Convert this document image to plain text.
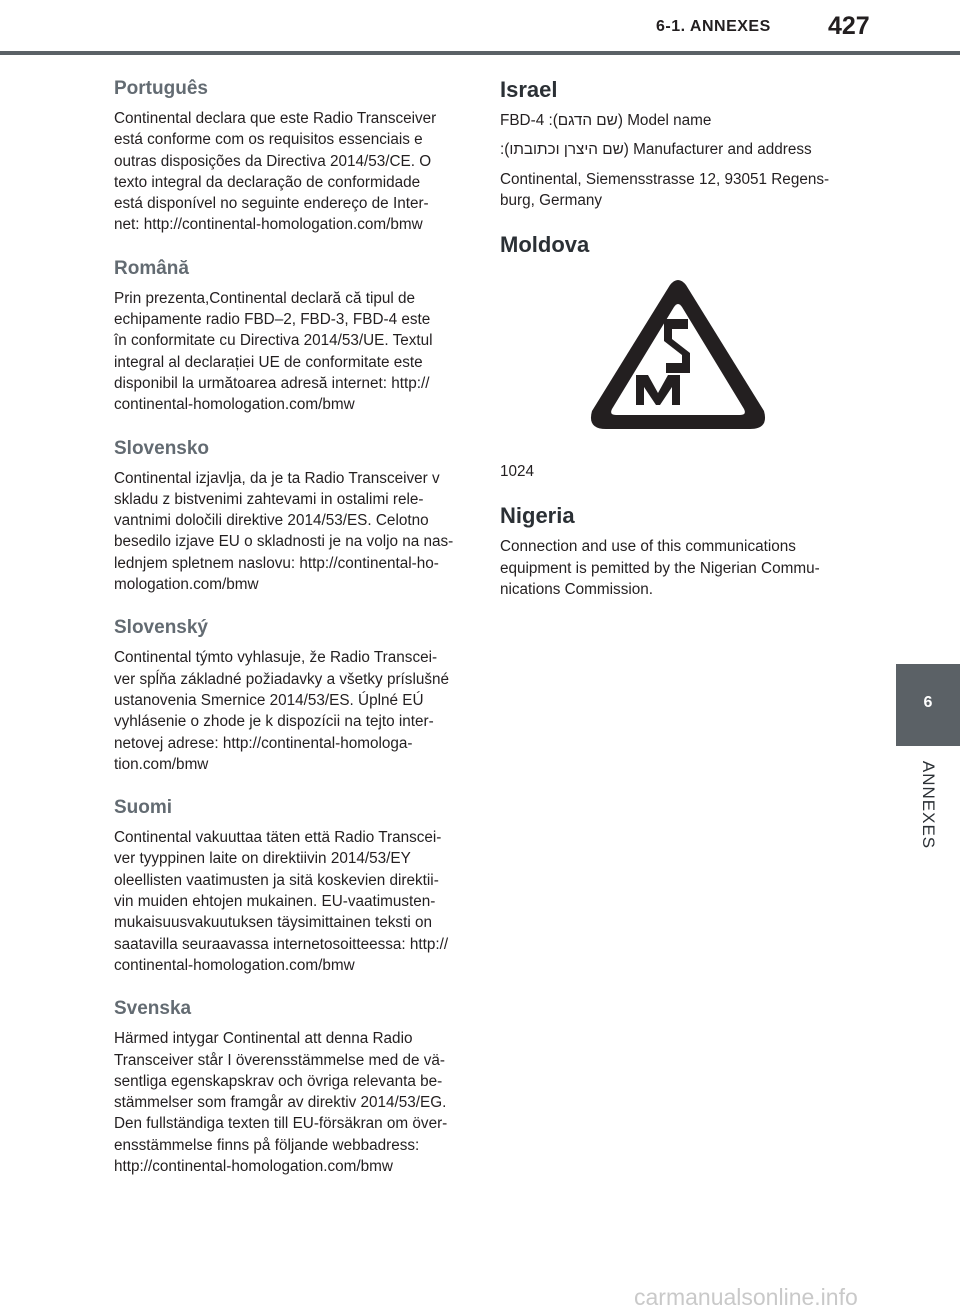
6-1. ANNEXES	427
Português

Continental declara que este Radio Transceiver
está conforme com os requisitos essenciais e
outras disposições da Directiva 2014/53/CE. O
texto integral da declaração de conformidade
está disponível no seguinte endereço de Inter-
net: http://continental-homologation.com/bmw

Română

Prin prezenta,Continental declară că tipul de
echipamente radio FBD–2, FBD-3, FBD-4 este
în conformitate cu Directiva 2014/53/UE. Textul
integral al declarației UE de conformitate este
disponibil la următoarea adresă internet: http://
continental-homologation.com/bmw

Slovensko

Continental izjavlja, da je ta Radio Transceiver v
skladu z bistvenimi zahtevami in ostalimi rele-
vantnimi določili direktive 2014/53/ES. Celotno
besedilo izjave EU o skladnosti je na voljo na nas-
lednjem spletnem naslovu: http://continental-ho-
mologation.com/bmw

Slovenský

Continental týmto vyhlasuje, že Radio Transcei-
ver spĺňa základné požiadavky a všetky príslušné
ustanovenia Smernice 2014/53/ES. Úplné EÚ
vyhlásenie o zhode je k dispozícii na tejto inter-
netovej adrese: http://continental-homologa-
tion.com/bmw

Suomi

Continental vakuuttaa täten että Radio Transcei-
ver tyyppinen laite on direktiivin 2014/53/EY
oleellisten vaatimusten ja sitä koskevien direktii-
vin muiden ehtojen mukainen. EU-vaatimusten-
mukaisuusvakuutuksen täysimittainen teksti on
saatavilla seuraavassa internetosoitteessa: http://
continental-homologation.com/bmw

Svenska

Härmed intygar Continental att denna Radio
Transceiver står I överensstämmelse med de vä-
sentliga egenskapskrav och övriga relevanta be-
stämmelser som framgår av direktiv 2014/53/EG.
Den fullständiga texten till EU-försäkran om över-
ensstämmelse finns på följande webbadress:
http://continental-homologation.com/bmw

Israel

FBD-4 :(שם הדגם) Model name

:(שם היצרן וכתובתו) Manufacturer and address

Continental, Siemensstrasse 12, 93051 Regens-
burg, Germany

Moldova

1024

Nigeria

Connection and use of this communications
equipment is pemitted by the Nigerian Commu-
nications Commission.

6
ANNEXES
carmanualsonline.info
